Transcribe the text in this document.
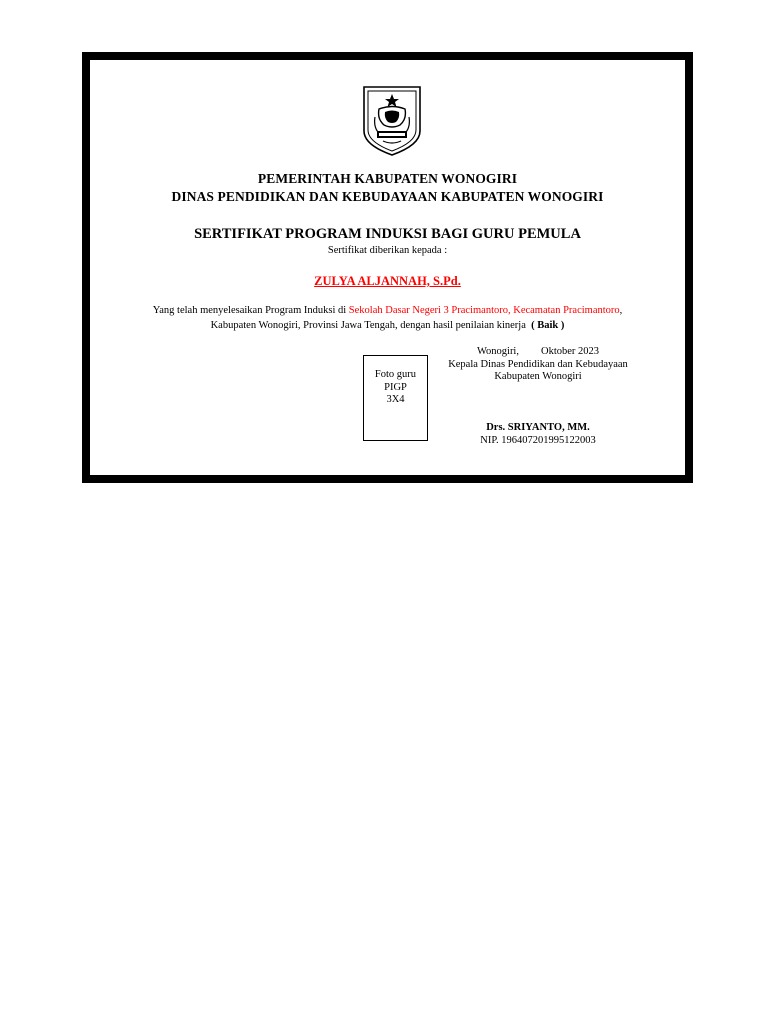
PEMERINTAH KABUPATEN WONOGIRI
DINAS PENDIDIKAN DAN KEBUDAYAAN KABUPATEN WONOGIRI
SERTIFIKAT PROGRAM INDUKSI BAGI GURU PEMULA
Sertifikat diberikan kepada :
ZULYA ALJANNAH, S.Pd.
Yang telah menyelesaikan Program Induksi di Sekolah Dasar Negeri 3 Pracimantoro, Kecamatan Pracimantoro,
Kabupaten Wonogiri, Provinsi Jawa Tengah, dengan hasil penilaian kinerja ( Baik )
Foto guru
PIGP
3X4
Wonogiri, Oktober 2023
Kepala Dinas Pendidikan dan Kebudayaan
Kabupaten Wonogiri
Drs. SRIYANTO, MM.
NIP. 196407201995122003
